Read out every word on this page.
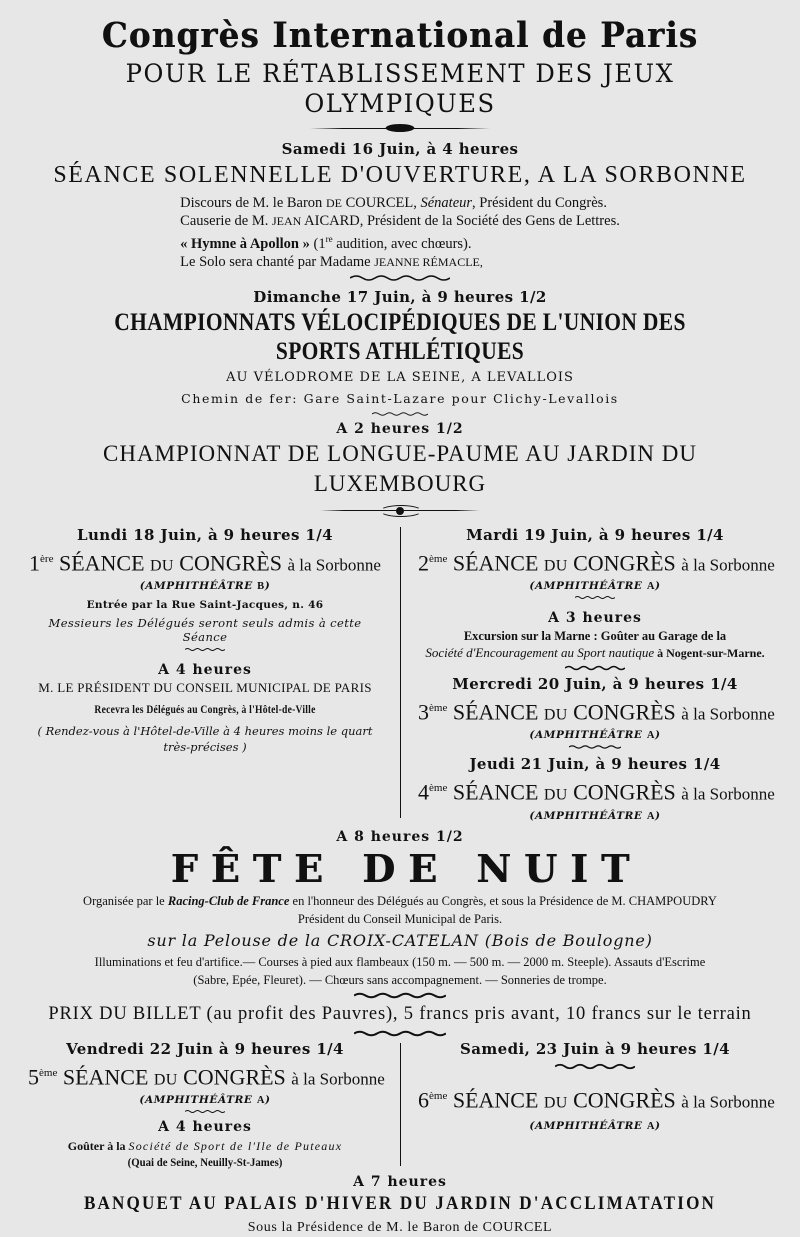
Congrès International de Paris
POUR LE RÉTABLISSEMENT DES JEUX OLYMPIQUES
Samedi 16 Juin, à 4 heures
SÉANCE SOLENNELLE D'OUVERTURE, A LA SORBONNE
Discours de M. le Baron DE COURCEL, Sénateur, Président du Congrès.
Causerie de M. JEAN AICARD, Président de la Société des Gens de Lettres.
« Hymne à Apollon » (1re audition, avec chœurs).
Le Solo sera chanté par Madame JEANNE RÉMACLE,
Dimanche 17 Juin, à 9 heures 1/2
CHAMPIONNATS VÉLOCIPÉDIQUES DE L'UNION DES SPORTS ATHLÉTIQUES
AU VÉLODROME DE LA SEINE, A LEVALLOIS
Chemin de fer: Gare Saint-Lazare pour Clichy-Levallois
A 2 heures 1/2
CHAMPIONNAT DE LONGUE-PAUME AU JARDIN DU LUXEMBOURG
Lundi 18 Juin, à 9 heures 1/4
1ère SÉANCE DU CONGRÈS à la Sorbonne
(AMPHITHÉÂTRE B)
Entrée par la Rue Saint-Jacques, n. 46
Messieurs les Délégués seront seuls admis à cette Séance
A 4 heures
M. LE PRÉSIDENT DU CONSEIL MUNICIPAL DE PARIS
Recevra les Délégués au Congrès, à l'Hôtel-de-Ville
( Rendez-vous à l'Hôtel-de-Ville à 4 heures moins le quart
très-précises )
Mardi 19 Juin, à 9 heures 1/4
2ème SÉANCE DU CONGRÈS à la Sorbonne
(AMPHITHÉÂTRE A)
A 3 heures
Excursion sur la Marne : Goûter au Garage de la
Société d'Encouragement au Sport nautique à Nogent-sur-Marne.
Mercredi 20 Juin, à 9 heures 1/4
3ème SÉANCE DU CONGRÈS à la Sorbonne
(AMPHITHÉÂTRE A)
Jeudi 21 Juin, à 9 heures 1/4
4ème SÉANCE DU CONGRÈS à la Sorbonne
(AMPHITHÉÂTRE A)
A 8 heures 1/2
FÊTE DE NUIT
Organisée par le Racing-Club de France en l'honneur des Délégués au Congrès, et sous la Présidence de M. CHAMPOUDRY
Président du Conseil Municipal de Paris.
sur la Pelouse de la CROIX-CATELAN (Bois de Boulogne)
Illuminations et feu d'artifice.— Courses à pied aux flambeaux (150 m. — 500 m. — 2000 m. Steeple). Assauts d'Escrime
(Sabre, Epée, Fleuret). — Chœurs sans accompagnement. — Sonneries de trompe.
PRIX DU BILLET (au profit des Pauvres), 5 francs pris avant, 10 francs sur le terrain
Vendredi 22 Juin à 9 heures 1/4
5ème SÉANCE DU CONGRÈS à la Sorbonne
(AMPHITHÉÂTRE A)
A 4 heures
Goûter à la Société de Sport de l'Ile de Puteaux
(Quai de Seine, Neuilly-St-James)
Samedi, 23 Juin à 9 heures 1/4
6ème SÉANCE DU CONGRÈS à la Sorbonne
(AMPHITHÉÂTRE A)
A 7 heures
BANQUET AU PALAIS D'HIVER DU JARDIN D'ACCLIMATATION
Sous la Présidence de M. le Baron de COURCEL
